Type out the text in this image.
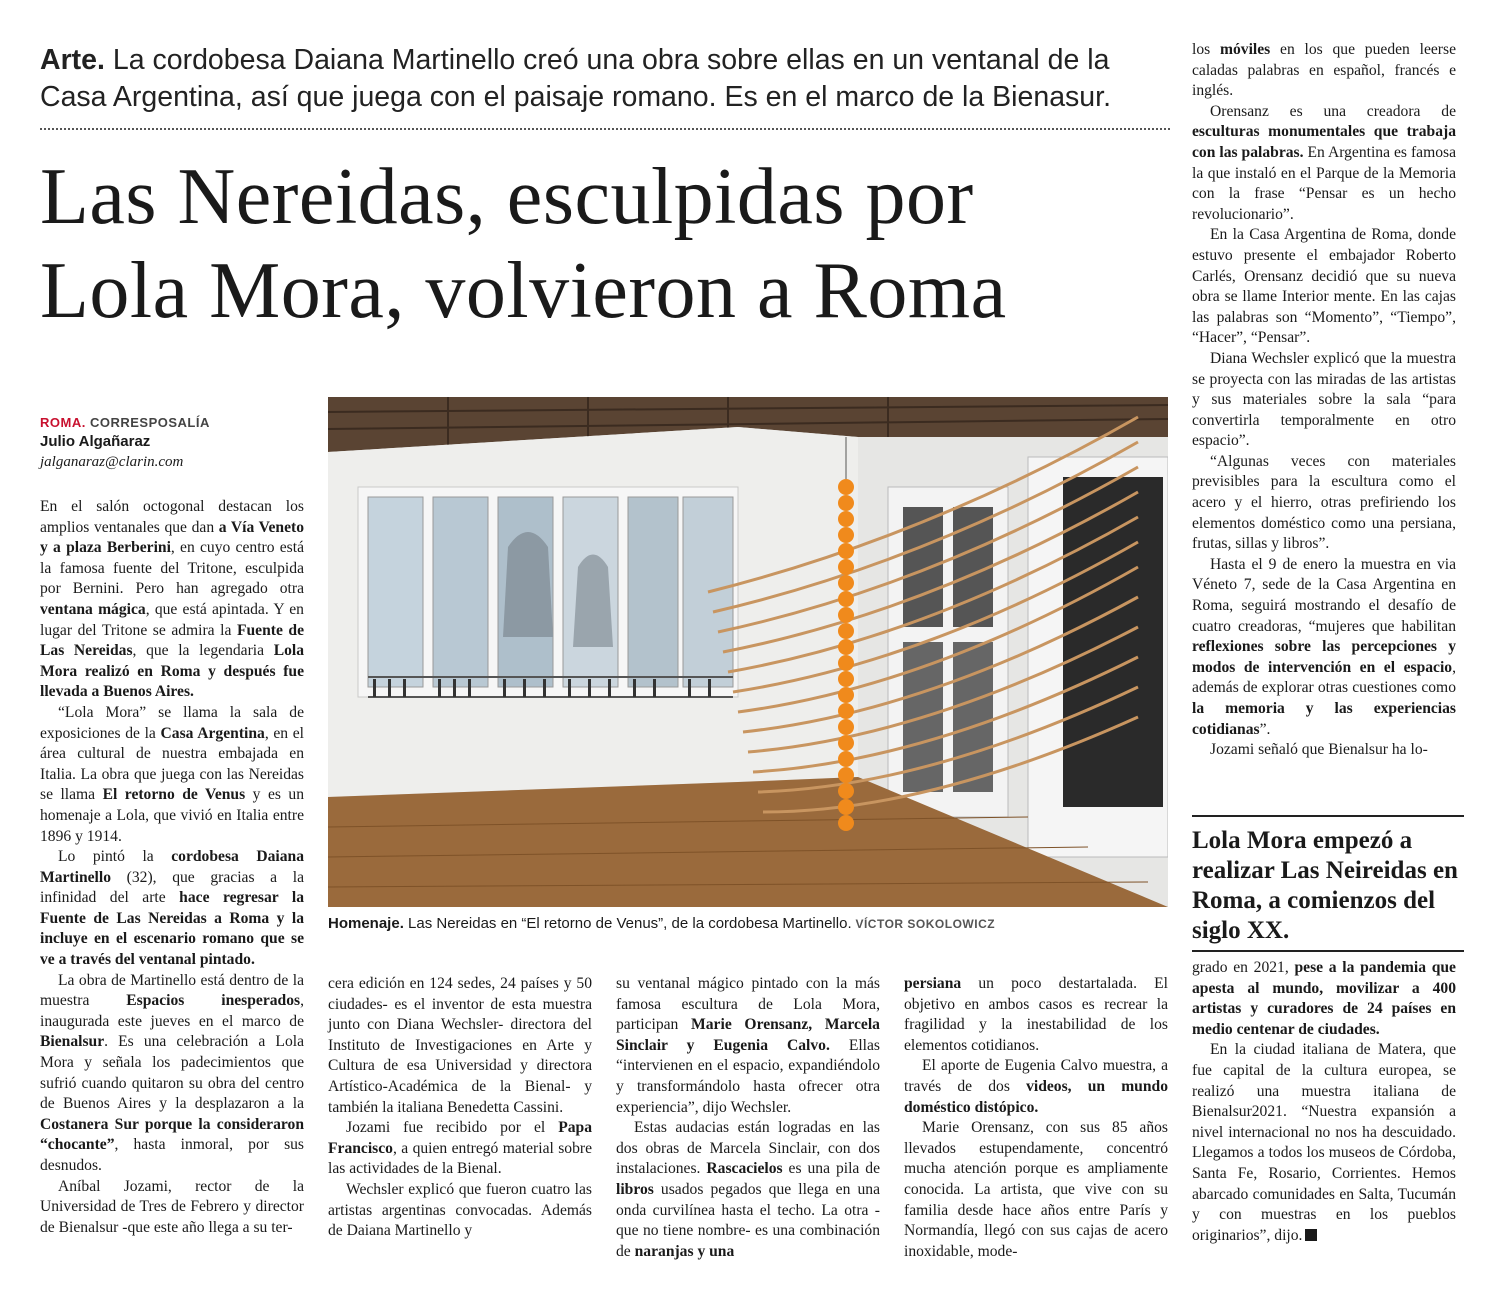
Arte. La cordobesa Daiana Martinello creó una obra sobre ellas en un ventanal de la Casa Argentina, así que juega con el paisaje romano. Es en el marco de la Bienasur.
Las Nereidas, esculpidas por
Lola Mora, volvieron a Roma
ROMA. CORRESPOSALÍA
Julio Algañaraz
jalganaraz@clarin.com

En el salón octogonal destacan los amplios ventanales que dan a Vía Veneto y a plaza Berberini, en cuyo centro está la famosa fuente del Tritone, esculpida por Bernini. Pero han agregado otra ventana mágica, que está apintada. Y en lugar del Tritone se admira la Fuente de Las Nereidas, que la legendaria Lola Mora realizó en Roma y después fue llevada a Buenos Aires.

“Lola Mora” se llama la sala de exposiciones de la Casa Argentina, en el área cultural de nuestra embajada en Italia. La obra que juega con las Nereidas se llama El retorno de Venus y es un homenaje a Lola, que vivió en Italia entre 1896 y 1914.

Lo pintó la cordobesa Daiana Martinello (32), que gracias a la infinidad del arte hace regresar la Fuente de Las Nereidas a Roma y la incluye en el escenario romano que se ve a través del ventanal pintado.

La obra de Martinello está dentro de la muestra Espacios inesperados, inaugurada este jueves en el marco de Bienalsur. Es una celebración a Lola Mora y señala los padecimientos que sufrió cuando quitaron su obra del centro de Buenos Aires y la desplazaron a la Costanera Sur porque la consideraron “chocante”, hasta inmoral, por sus desnudos.

Aníbal Jozami, rector de la Universidad de Tres de Febrero y director de Bienalsur -que este año llega a su ter-

Homenaje. Las Nereidas en “El retorno de Venus”, de la cordobesa Martinello. VÍCTOR SOKOLOWICZ

cera edición en 124 sedes, 24 países y 50 ciudades- es el inventor de esta muestra junto con Diana Wechsler- directora del Instituto de Investigaciones en Arte y Cultura de esa Universidad y directora Artístico-Académica de la Bienal- y también la italiana Benedetta Cassini.

Jozami fue recibido por el Papa Francisco, a quien entregó material sobre las actividades de la Bienal.

Wechsler explicó que fueron cuatro las artistas argentinas convocadas. Además de Daiana Martinello y

su ventanal mágico pintado con la más famosa escultura de Lola Mora, participan Marie Orensanz, Marcela Sinclair y Eugenia Calvo. Ellas “intervienen en el espacio, expandiéndolo y transformándolo hasta ofrecer otra experiencia”, dijo Wechsler.

Estas audacias están logradas en las dos obras de Marcela Sinclair, con dos instalaciones. Rascacielos es una pila de libros usados pegados que llega en una onda curvilínea hasta el techo. La otra -que no tiene nombre- es una combinación de naranjas y una

persiana un poco destartalada. El objetivo en ambos casos es recrear la fragilidad y la inestabilidad de los elementos cotidianos.

El aporte de Eugenia Calvo muestra, a través de dos videos, un mundo doméstico distópico.

Marie Orensanz, con sus 85 años llevados estupendamente, concentró mucha atención porque es ampliamente conocida. La artista, que vive con su familia desde hace años entre París y Normandía, llegó con sus cajas de acero inoxidable, mode-

los móviles en los que pueden leerse caladas palabras en español, francés e inglés.

Orensanz es una creadora de esculturas monumentales que trabaja con las palabras. En Argentina es famosa la que instaló en el Parque de la Memoria con la frase “Pensar es un hecho revolucionario”.

En la Casa Argentina de Roma, donde estuvo presente el embajador Roberto Carlés, Orensanz decidió que su nueva obra se llame Interior mente. En las cajas las palabras son “Momento”, “Tiempo”, “Hacer”, “Pensar”.

Diana Wechsler explicó que la muestra se proyecta con las miradas de las artistas y sus materiales sobre la sala “para convertirla temporalmente en otro espacio”.

“Algunas veces con materiales previsibles para la escultura como el acero y el hierro, otras prefiriendo los elementos doméstico como una persiana, frutas, sillas y libros”.

Hasta el 9 de enero la muestra en via Véneto 7, sede de la Casa Argentina en Roma, seguirá mostrando el desafío de cuatro creadoras, “mujeres que habilitan reflexiones sobre las percepciones y modos de intervención en el espacio, además de explorar otras cuestiones como la memoria y las experiencias cotidianas”.

Jozami señaló que Bienalsur ha lo-

Lola Mora empezó a realizar Las Neireidas en Roma, a comienzos del siglo XX.

grado en 2021, pese a la pandemia que apesta al mundo, movilizar a 400 artistas y curadores de 24 países en medio centenar de ciudades.

En la ciudad italiana de Matera, que fue capital de la cultura europea, se realizó una muestra italiana de Bienalsur2021. “Nuestra expansión a nivel internacional no nos ha descuidado. Llegamos a todos los museos de Córdoba, Santa Fe, Rosario, Corrientes. Hemos abarcado comunidades en Salta, Tucumán y con muestras en los pueblos originarios”, dijo.
